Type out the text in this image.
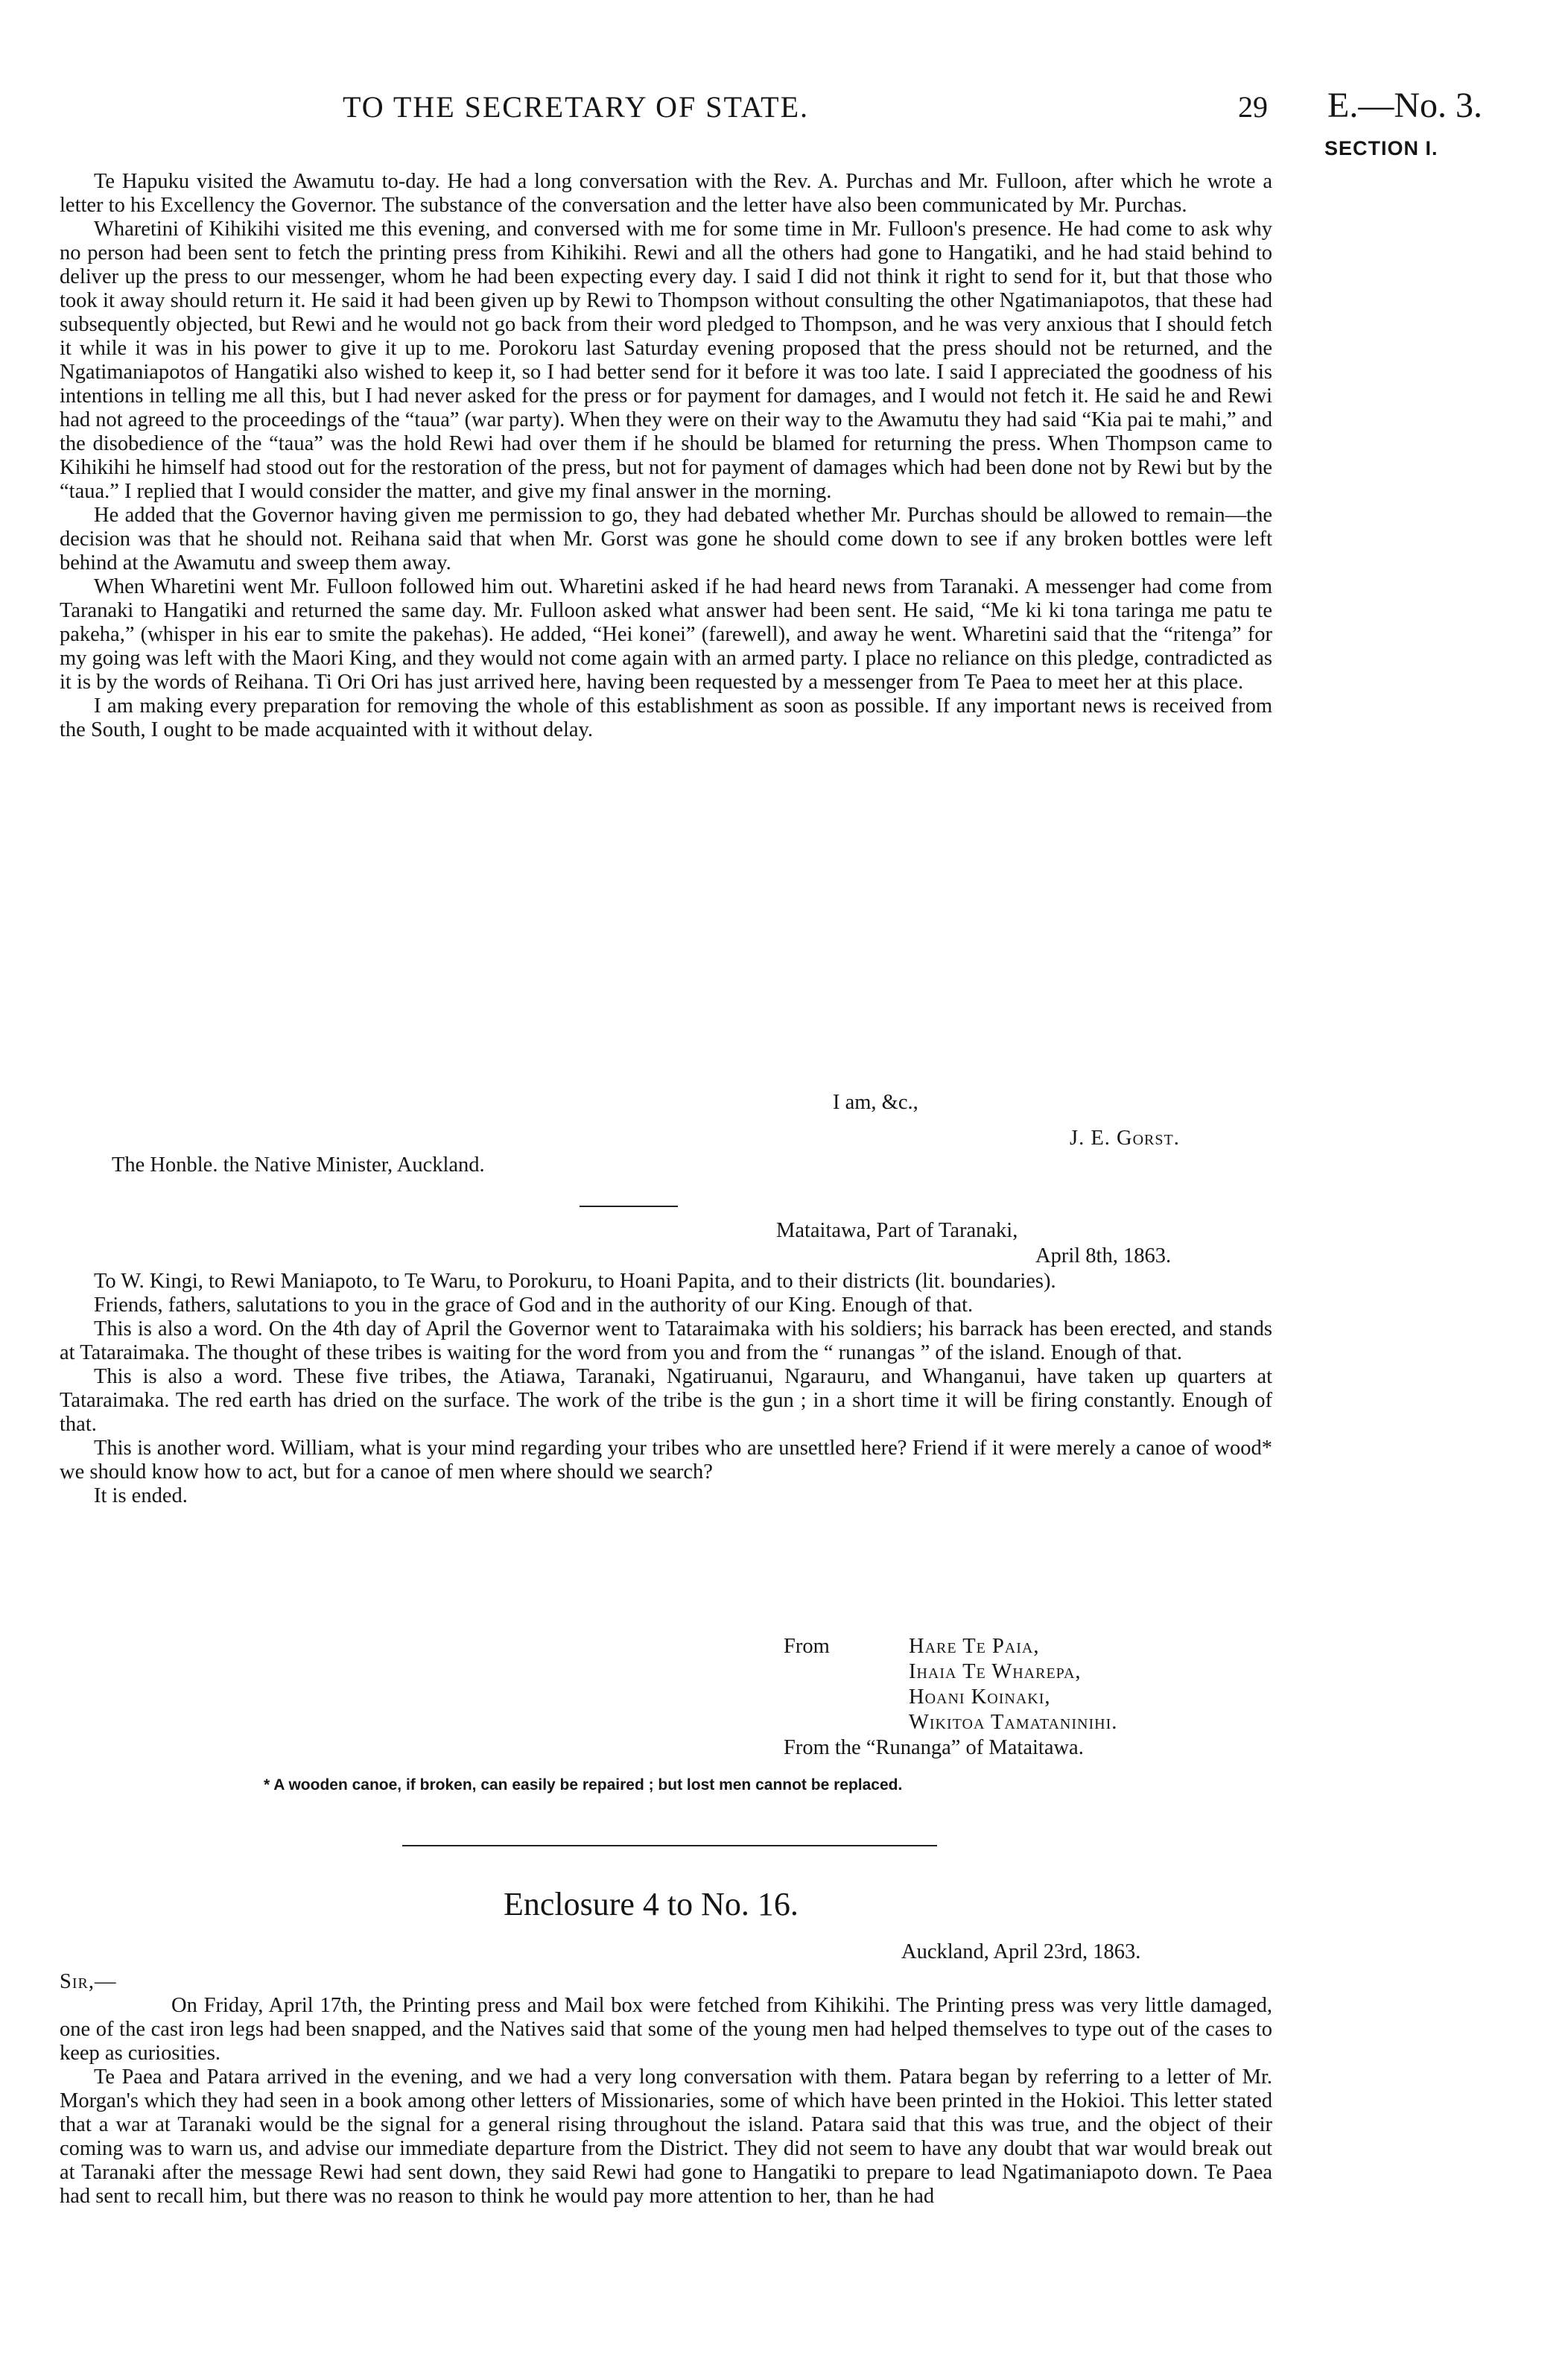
TO THE SECRETARY OF STATE.	29 E.—No. 3.
SECTION I.

Te Hapuku visited the Awamutu to-day. He had a long conversation with the Rev. A. Purchas and Mr. Fulloon, after which he wrote a letter to his Excellency the Governor. The substance of the conversation and the letter have also been communicated by Mr. Purchas.

Wharetini of Kihikihi visited me this evening, and conversed with me for some time in Mr. Fulloon's presence. He had come to ask why no person had been sent to fetch the printing press from Kihikihi. Rewi and all the others had gone to Hangatiki, and he had staid behind to deliver up the press to our messenger, whom he had been expecting every day. I said I did not think it right to send for it, but that those who took it away should return it. He said it had been given up by Rewi to Thompson without consulting the other Ngatimaniapotos, that these had subsequently objected, but Rewi and he would not go back from their word pledged to Thompson, and he was very anxious that I should fetch it while it was in his power to give it up to me. Porokoru last Saturday evening proposed that the press should not be returned, and the Ngatimaniapotos of Hangatiki also wished to keep it, so I had better send for it before it was too late. I said I appreciated the goodness of his intentions in telling me all this, but I had never asked for the press or for payment for damages, and I would not fetch it. He said he and Rewi had not agreed to the proceedings of the “taua” (war party). When they were on their way to the Awamutu they had said “Kia pai te mahi,” and the disobedience of the “taua” was the hold Rewi had over them if he should be blamed for returning the press. When Thompson came to Kihikihi he himself had stood out for the restoration of the press, but not for payment of damages which had been done not by Rewi but by the “taua.” I replied that I would consider the matter, and give my final answer in the morning.

He added that the Governor having given me permission to go, they had debated whether Mr. Purchas should be allowed to remain—the decision was that he should not. Reihana said that when Mr. Gorst was gone he should come down to see if any broken bottles were left behind at the Awamutu and sweep them away.

When Wharetini went Mr. Fulloon followed him out. Wharetini asked if he had heard news from Taranaki. A messenger had come from Taranaki to Hangatiki and returned the same day. Mr. Fulloon asked what answer had been sent. He said, “Me ki ki tona taringa me patu te pakeha,” (whisper in his ear to smite the pakehas). He added, “Hei konei” (farewell), and away he went. Wharetini said that the “ritenga” for my going was left with the Maori King, and they would not come again with an armed party. I place no reliance on this pledge, contradicted as it is by the words of Reihana. Ti Ori Ori has just arrived here, having been requested by a messenger from Te Paea to meet her at this place.

I am making every preparation for removing the whole of this establishment as soon as possible. If any important news is received from the South, I ought to be made acquainted with it without delay.

I am, &c.,
J. E. Gorst.
The Honble. the Native Minister, Auckland.
Mataitawa, Part of Taranaki,
April 8th, 1863.

To W. Kingi, to Rewi Maniapoto, to Te Waru, to Porokuru, to Hoani Papita, and to their districts (lit. boundaries).

Friends, fathers, salutations to you in the grace of God and in the authority of our King. Enough of that.

This is also a word. On the 4th day of April the Governor went to Tataraimaka with his soldiers; his barrack has been erected, and stands at Tataraimaka. The thought of these tribes is waiting for the word from you and from the “ runangas ” of the island. Enough of that.

This is also a word. These five tribes, the Atiawa, Taranaki, Ngatiruanui, Ngarauru, and Whanganui, have taken up quarters at Tataraimaka. The red earth has dried on the surface. The work of the tribe is the gun ; in a short time it will be firing constantly. Enough of that.

This is another word. William, what is your mind regarding your tribes who are unsettled here? Friend if it were merely a canoe of wood* we should know how to act, but for a canoe of men where should we search?

It is ended.

From	Hare Te Paia,
Ihaia Te Wharepa,
Hoani Koinaki,
Wikitoa Tamataninihi.
From the “Runanga” of Mataitawa.
* A wooden canoe, if broken, can easily be repaired ; but lost men cannot be replaced.
Enclosure 4 to No. 16.
Auckland, April 23rd, 1863.
Sir,—

On Friday, April 17th, the Printing press and Mail box were fetched from Kihikihi. The Printing press was very little damaged, one of the cast iron legs had been snapped, and the Natives said that some of the young men had helped themselves to type out of the cases to keep as curiosities.

Te Paea and Patara arrived in the evening, and we had a very long conversation with them. Patara began by referring to a letter of Mr. Morgan's which they had seen in a book among other letters of Missionaries, some of which have been printed in the Hokioi. This letter stated that a war at Taranaki would be the signal for a general rising throughout the island. Patara said that this was true, and the object of their coming was to warn us, and advise our immediate departure from the District. They did not seem to have any doubt that war would break out at Taranaki after the message Rewi had sent down, they said Rewi had gone to Hangatiki to prepare to lead Ngatimaniapoto down. Te Paea had sent to recall him, but there was no reason to think he would pay more attention to her, than he had
